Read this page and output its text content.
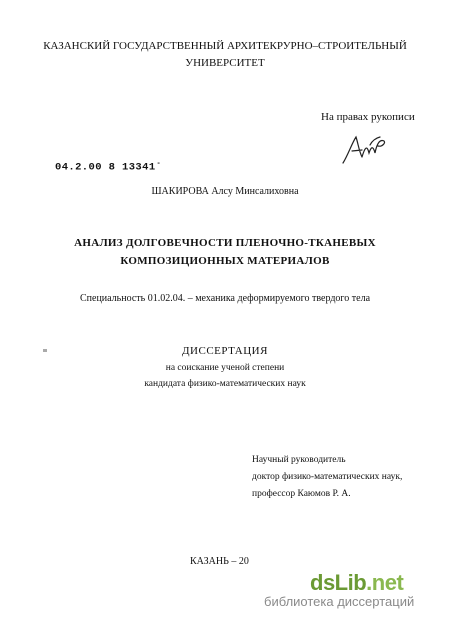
КАЗАНСКИЙ ГОСУДАРСТВЕННЫЙ АРХИТЕКРУРНО–СТРОИТЕЛЬНЫЙ
УНИВЕРСИТЕТ
На правах рукописи
04.2.00 8 13341-
ШАКИРОВА Алсу Минсалиховна
АНАЛИЗ ДОЛГОВЕЧНОСТИ ПЛЕНОЧНО-ТКАНЕВЫХ
КОМПОЗИЦИОННЫХ МАТЕРИАЛОВ
Специальность 01.02.04. – механика деформируемого твердого тела
ДИССЕРТАЦИЯ
на соискание ученой степени
кандидата физико-математических наук
Научный руководитель
доктор физико-математических наук,
профессор Каюмов Р. А.
КАЗАНЬ – 20
dsLib.net
библиотека диссертаций
